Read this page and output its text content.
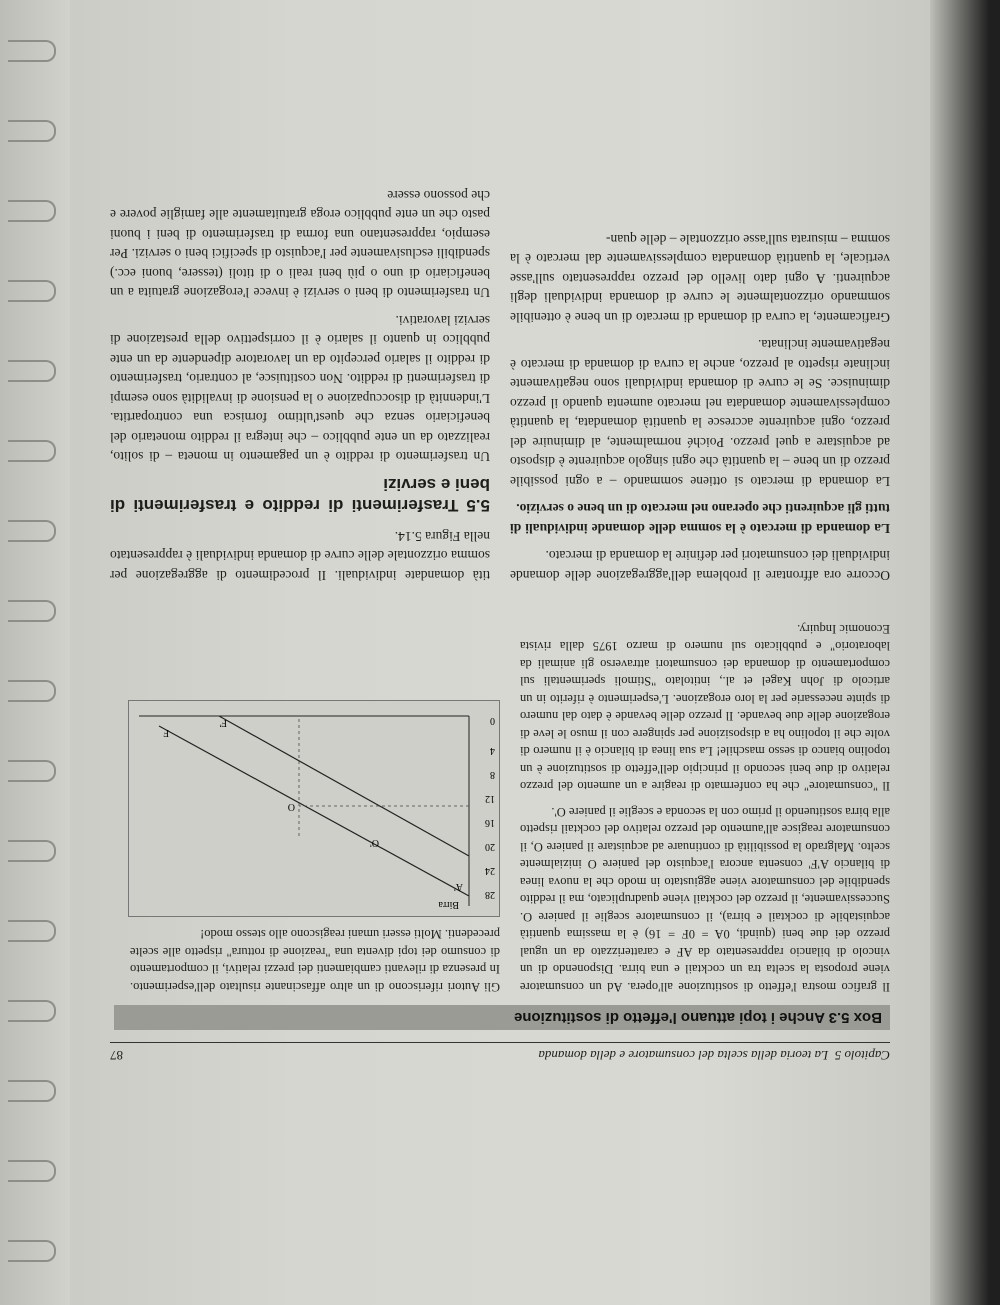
Capitolo 5  La teoria della scelta del consumatore e della domanda
87
Box 5.3 Anche i topi attuano l'effetto di sostituzione

Il grafico mostra l'effetto di sostituzione all'opera. Ad un consumatore viene proposta la scelta tra un cocktail e una birra. Disponendo di un vincolo di bilancio rappresentato da AF e caratterizzato da un ugual prezzo dei due beni (quindi, 0A = 0F = 16) è la massima quantità acquistabile di cocktail e birra), il consumatore sceglie il paniere O. Successivamente, il prezzo del cocktail viene quadruplicato, ma il reddito spendibile del consumatore viene aggiustato in modo che la nuova linea di bilancio A'F' consenta ancora l'acquisto del paniere O inizialmente scelto. Malgrado la possibilità di continuare ad acquistare il paniere O, il consumatore reagisce all'aumento del prezzo relativo del cocktail rispetto alla birra sostituendo il primo con la seconda e sceglie il paniere O'.

Il "consumatore" che ha confermato di reagire a un aumento del prezzo relativo di due beni secondo il principio dell'effetto di sostituzione è un topolino bianco di sesso maschile! La sua linea di bilancio è il numero di volte che il topolino ha a disposizione per spingere con il muso le leve di erogazione delle due bevande. Il prezzo delle bevande è dato dal numero di spinte necessarie per la loro erogazione. L'esperimento è riferito in un articolo di John Kagel et al., intitolato "Stimoli sperimentali sul comportamento di domanda dei consumatori attraverso gli animali da laboratorio" e pubblicato sul numero di marzo 1975 dalla rivista Economic Inquiry.

Gli Autori riferiscono di un altro affascinante risultato dell'esperimento. In presenza di rilevanti cambiamenti dei prezzi relativi, il comportamento di consumo dei topi diventa una "reazione di rottura" rispetto alle scelte precedenti. Molti esseri umani reagiscono allo stesso modo!

28
24
20
16
12
8
4
0
Birra
A'
O'
O
F
F'

Occorre ora affrontare il problema dell'aggregazione delle domande individuali dei consumatori per definire la domanda di mercato.

La domanda di mercato è la somma delle domande individuali di tutti gli acquirenti che operano nel mercato di un bene o servizio.

La domanda di mercato si ottiene sommando – a ogni possibile prezzo di un bene – la quantità che ogni singolo acquirente è disposto ad acquistare a quel prezzo. Poiché normalmente, al diminuire del prezzo, ogni acquirente accresce la quantità domandata, la quantità complessivamente domandata nel mercato aumenta quando il prezzo diminuisce. Se le curve di domanda individuali sono negativamente inclinate rispetto al prezzo, anche la curva di domanda di mercato è negativamente inclinata.

Graficamente, la curva di domanda di mercato di un bene è ottenibile sommando orizzontalmente le curve di domanda individuali degli acquirenti. A ogni dato livello del prezzo rappresentato sull'asse verticale, la quantità domandata complessivamente dal mercato è la somma – misurata sull'asse orizzontale – delle quan-

tità domandate individuali. Il procedimento di aggregazione per somma orizzontale delle curve di domanda individuali è rappresentato nella Figura 5.14.

5.5Trasferimenti di reddito e trasferimenti di beni e servizi

Un trasferimento di reddito è un pagamento in moneta – di solito, realizzato da un ente pubblico – che integra il reddito monetario del beneficiario senza che quest'ultimo fornisca una contropartita. L'indennità di disoccupazione o la pensione di invalidità sono esempi di trasferimenti di reddito. Non costituisce, al contrario, trasferimento di reddito il salario percepito da un lavoratore dipendente da un ente pubblico in quanto il salario è il corrispettivo della prestazione di servizi lavorativi.

Un trasferimento di beni o servizi è invece l'erogazione gratuita a un beneficiario di uno o più beni reali o di titoli (tessere, buoni ecc.) spendibili esclusivamente per l'acquisto di specifici beni o servizi. Per esempio, rappresentano una forma di trasferimento di beni i buoni pasto che un ente pubblico eroga gratuitamente alle famiglie povere e che possono essere
